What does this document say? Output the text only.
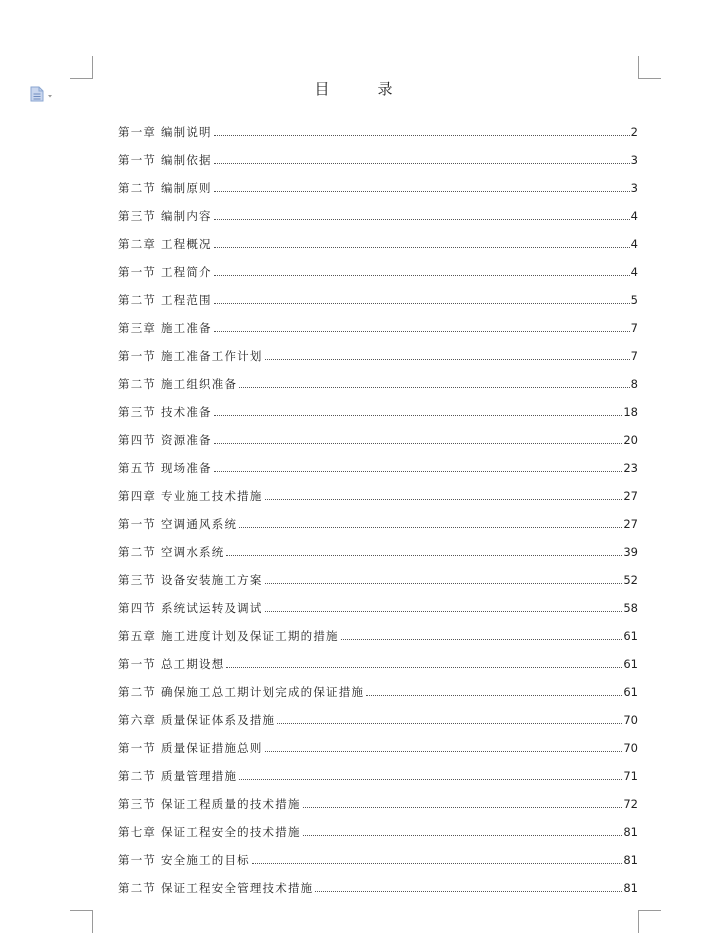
目	录
第一章 编制说明	2
第一节 编制依据	3
第二节 编制原则	3
第三节 编制内容	4
第二章 工程概况	4
第一节 工程简介	4
第二节 工程范围	5
第三章 施工准备	7
第一节 施工准备工作计划	7
第二节 施工组织准备	8
第三节 技术准备	18
第四节 资源准备	20
第五节 现场准备	23
第四章 专业施工技术措施	27
第一节 空调通风系统	27
第二节 空调水系统	39
第三节 设备安装施工方案	52
第四节 系统试运转及调试	58
第五章 施工进度计划及保证工期的措施	61
第一节 总工期设想	61
第二节 确保施工总工期计划完成的保证措施	61
第六章 质量保证体系及措施	70
第一节 质量保证措施总则	70
第二节 质量管理措施	71
第三节 保证工程质量的技术措施	72
第七章 保证工程安全的技术措施	81
第一节 安全施工的目标	81
第二节 保证工程安全管理技术措施	81
